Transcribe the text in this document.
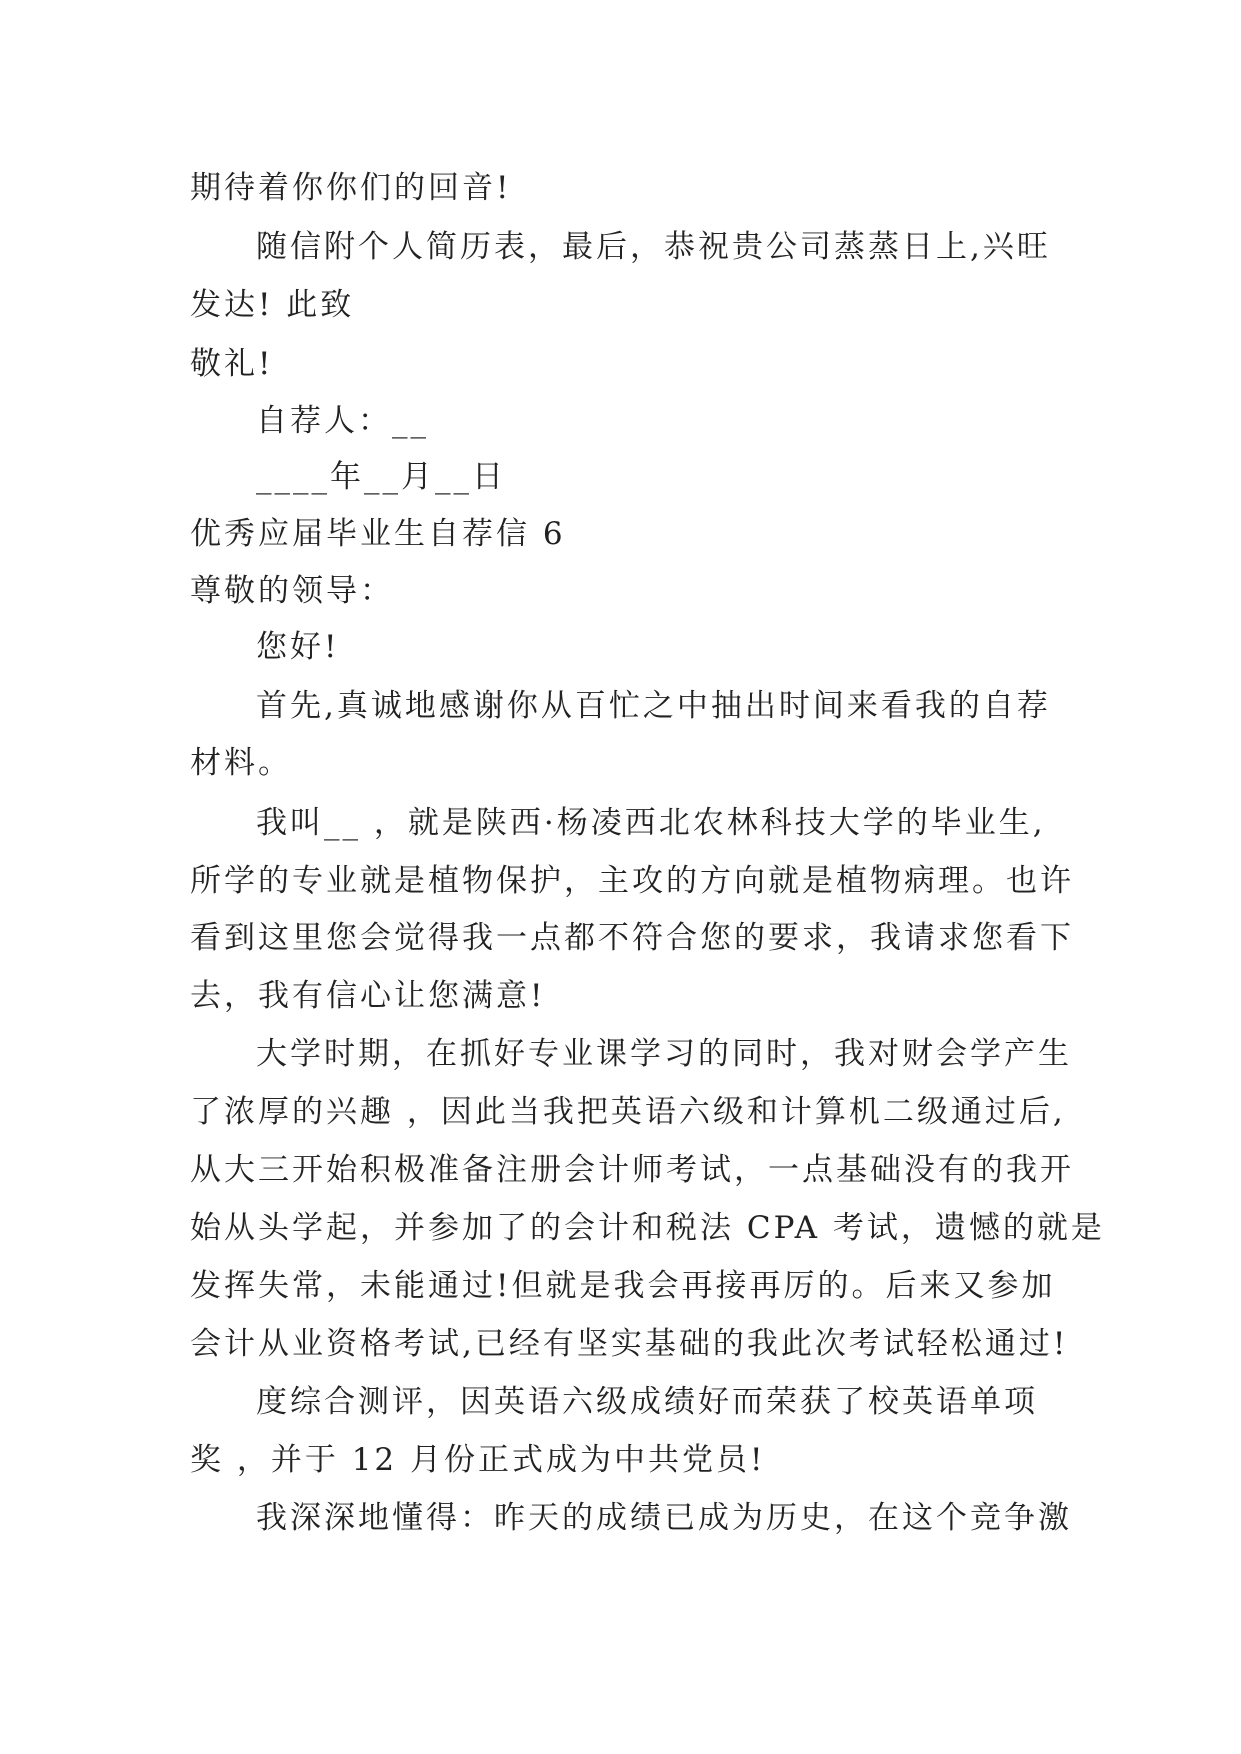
期待着你你们的回音!
随信附个人简历表，最后，恭祝贵公司蒸蒸日上,兴旺
发达! 此致
敬礼!
自荐人：__
____年__月__日
优秀应届毕业生自荐信 6
尊敬的领导：
您好!
首先,真诚地感谢你从百忙之中抽出时间来看我的自荐
材料。
我叫__ ，就是陕西·杨凌西北农林科技大学的毕业生,
所学的专业就是植物保护，主攻的方向就是植物病理。也许
看到这里您会觉得我一点都不符合您的要求，我请求您看下
去，我有信心让您满意!
大学时期，在抓好专业课学习的同时，我对财会学产生
了浓厚的兴趣 ，因此当我把英语六级和计算机二级通过后,
从大三开始积极准备注册会计师考试，一点基础没有的我开
始从头学起，并参加了的会计和税法 CPA 考试，遗憾的就是
发挥失常，未能通过!但就是我会再接再厉的。后来又参加
会计从业资格考试,已经有坚实基础的我此次考试轻松通过!
度综合测评，因英语六级成绩好而荣获了校英语单项
奖 ，并于 12 月份正式成为中共党员!
我深深地懂得：昨天的成绩已成为历史，在这个竞争激
